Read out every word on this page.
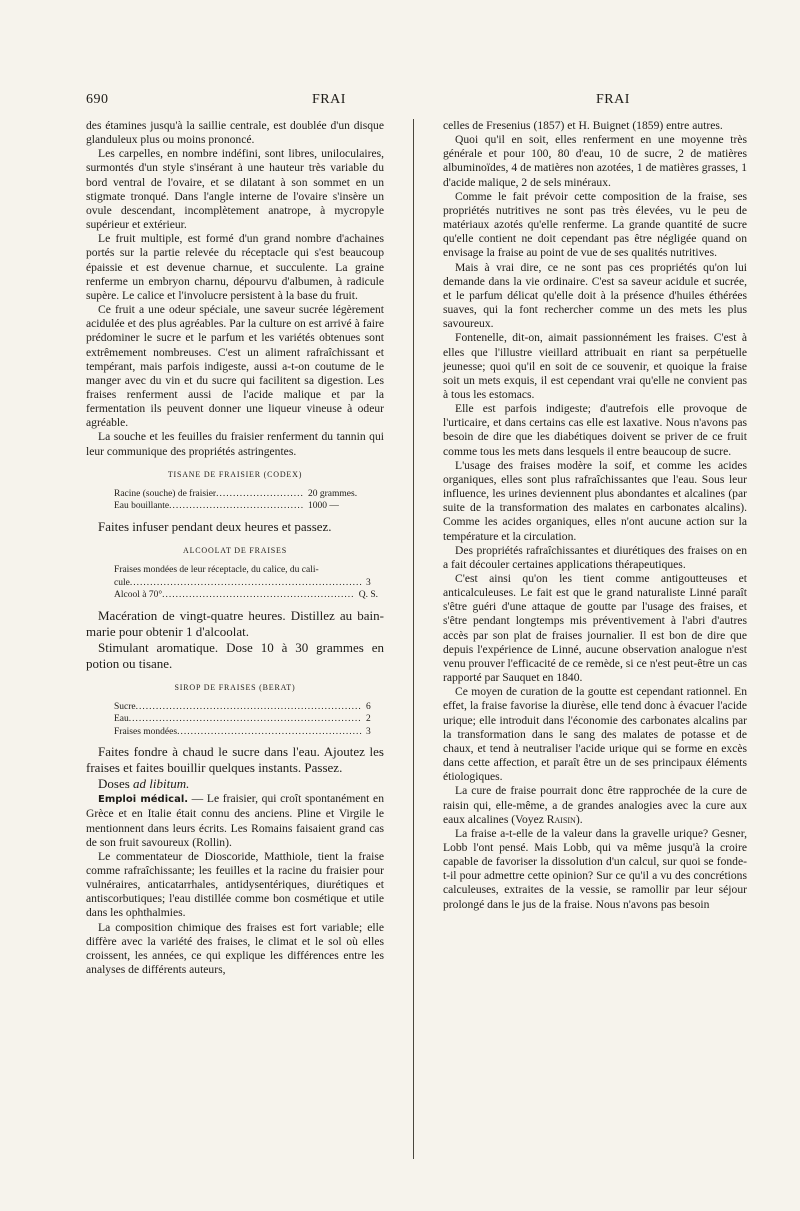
690	FRAI	FRAI

des étamines jusqu'à la saillie centrale, est doublée d'un disque glanduleux plus ou moins prononcé.

Les carpelles, en nombre indéfini, sont libres, uniloculaires, surmontés d'un style s'insérant à une hauteur très variable du bord ventral de l'ovaire, et se dilatant à son sommet en un stigmate tronqué. Dans l'angle interne de l'ovaire s'insère un ovule descendant, incomplètement anatrope, à mycropyle supérieur et extérieur.

Le fruit multiple, est formé d'un grand nombre d'achaines portés sur la partie relevée du réceptacle qui s'est beaucoup épaissie et est devenue charnue, et succulente. La graine renferme un embryon charnu, dépourvu d'albumen, à radicule supère. Le calice et l'involucre persistent à la base du fruit.

Ce fruit a une odeur spéciale, une saveur sucrée légèrement acidulée et des plus agréables. Par la culture on est arrivé à faire prédominer le sucre et le parfum et les variétés obtenues sont extrêmement nombreuses. C'est un aliment rafraîchissant et tempérant, mais parfois indigeste, aussi a-t-on coutume de le manger avec du vin et du sucre qui facilitent sa digestion. Les fraises renferment aussi de l'acide malique et par la fermentation ils peuvent donner une liqueur vineuse à odeur agréable.

La souche et les feuilles du fraisier renferment du tannin qui leur communique des propriétés astringentes.

TISANE DE FRAISIER (CODEX)
Racine (souche) de fraisier .....	20 grammes.
Eau bouillante .....	1000 —

Faites infuser pendant deux heures et passez.

ALCOOLAT DE FRAISES
Fraises mondées de leur réceptacle, du calice, du cali-
cule .....	3
Alcool à 70° .....	Q. S.

Macération de vingt-quatre heures. Distillez au bain-marie pour obtenir 1 d'alcoolat.

Stimulant aromatique. Dose 10 à 30 grammes en potion ou tisane.

SIROP DE FRAISES (BERAT)
Sucre .....	6
Eau .....	2
Fraises mondées .....	3

Faites fondre à chaud le sucre dans l'eau. Ajoutez les fraises et faites bouillir quelques instants. Passez.

Doses ad libitum.

Emploi médical. — Le fraisier, qui croît spontanément en Grèce et en Italie était connu des anciens. Pline et Virgile le mentionnent dans leurs écrits. Les Romains faisaient grand cas de son fruit savoureux (Rollin).

Le commentateur de Dioscoride, Matthiole, tient la fraise comme rafraîchissante; les feuilles et la racine du fraisier pour vulnéraires, anticatarrhales, antidysentériques, diurétiques et antiscorbutiques; l'eau distillée comme bon cosmétique et utile dans les ophthalmies.

La composition chimique des fraises est fort variable; elle diffère avec la variété des fraises, le climat et le sol où elles croissent, les années, ce qui explique les différences entre les analyses de différents auteurs,

celles de Fresenius (1857) et H. Buignet (1859) entre autres.

Quoi qu'il en soit, elles renferment en une moyenne très générale et pour 100, 80 d'eau, 10 de sucre, 2 de matières albuminoïdes, 4 de matières non azotées, 1 de matières grasses, 1 d'acide malique, 2 de sels minéraux.

Comme le fait prévoir cette composition de la fraise, ses propriétés nutritives ne sont pas très élevées, vu le peu de matériaux azotés qu'elle renferme. La grande quantité de sucre qu'elle contient ne doit cependant pas être négligée quand on envisage la fraise au point de vue de ses qualités nutritives.

Mais à vrai dire, ce ne sont pas ces propriétés qu'on lui demande dans la vie ordinaire. C'est sa saveur acidule et sucrée, et le parfum délicat qu'elle doit à la présence d'huiles éthérées suaves, qui la font rechercher comme un des mets les plus savoureux.

Fontenelle, dit-on, aimait passionnément les fraises. C'est à elles que l'illustre vieillard attribuait en riant sa perpétuelle jeunesse; quoi qu'il en soit de ce souvenir, et quoique la fraise soit un mets exquis, il est cependant vrai qu'elle ne convient pas à tous les estomacs.

Elle est parfois indigeste; d'autrefois elle provoque de l'urticaire, et dans certains cas elle est laxative. Nous n'avons pas besoin de dire que les diabétiques doivent se priver de ce fruit comme tous les mets dans lesquels il entre beaucoup de sucre.

L'usage des fraises modère la soif, et comme les acides organiques, elles sont plus rafraîchissantes que l'eau. Sous leur influence, les urines deviennent plus abondantes et alcalines (par suite de la transformation des malates en carbonates alcalins). Comme les acides organiques, elles n'ont aucune action sur la température et la circulation.

Des propriétés rafraîchissantes et diurétiques des fraises on en a fait découler certaines applications thérapeutiques.

C'est ainsi qu'on les tient comme antigoutteuses et anticalculeuses. Le fait est que le grand naturaliste Linné paraît s'être guéri d'une attaque de goutte par l'usage des fraises, et s'être pendant longtemps mis préventivement à l'abri d'autres accès par son plat de fraises journalier. Il est bon de dire que depuis l'expérience de Linné, aucune observation analogue n'est venu prouver l'efficacité de ce remède, si ce n'est peut-être un cas rapporté par Sauquet en 1840.

Ce moyen de curation de la goutte est cependant rationnel. En effet, la fraise favorise la diurèse, elle tend donc à évacuer l'acide urique; elle introduit dans l'économie des carbonates alcalins par la transformation dans le sang des malates de potasse et de chaux, et tend à neutraliser l'acide urique qui se forme en excès dans cette affection, et paraît être un de ses principaux éléments étiologiques.

La cure de fraise pourrait donc être rapprochée de la cure de raisin qui, elle-même, a de grandes analogies avec la cure aux eaux alcalines (Voyez Raisin).

La fraise a-t-elle de la valeur dans la gravelle urique? Gesner, Lobb l'ont pensé. Mais Lobb, qui va même jusqu'à la croire capable de favoriser la dissolution d'un calcul, sur quoi se fonde-t-il pour admettre cette opinion? Sur ce qu'il a vu des concrétions calculeuses, extraites de la vessie, se ramollir par leur séjour prolongé dans le jus de la fraise. Nous n'avons pas besoin
